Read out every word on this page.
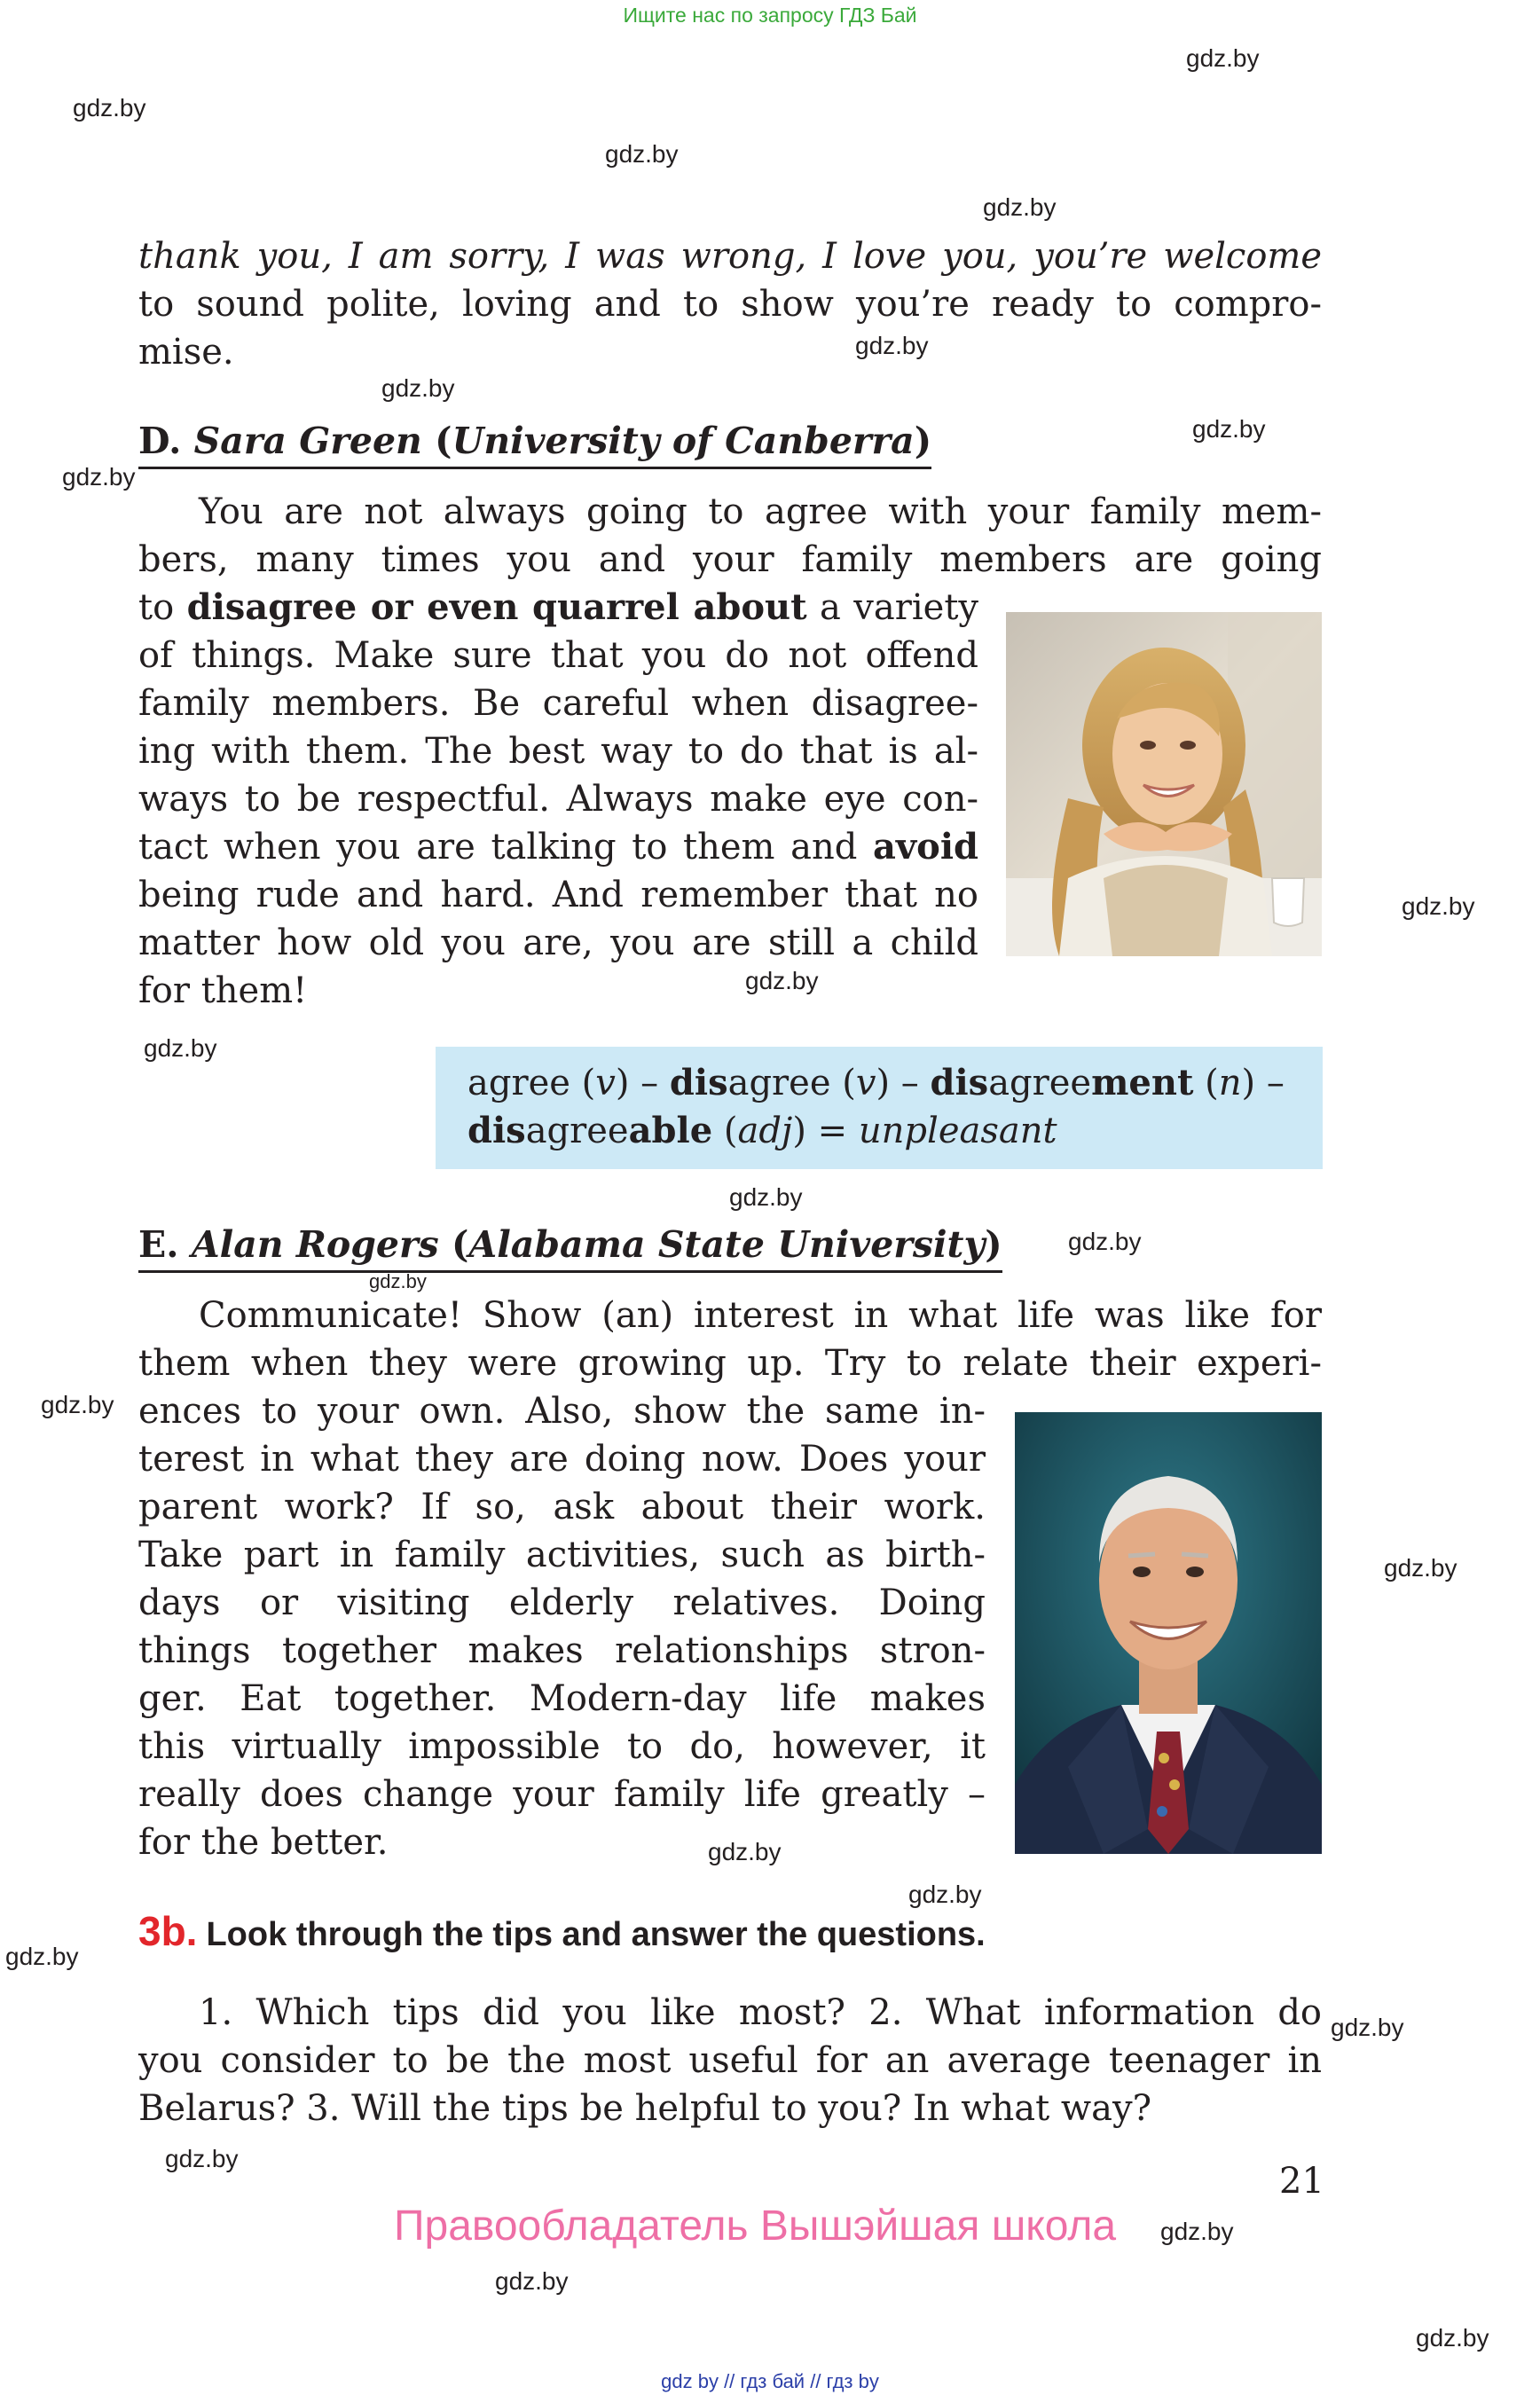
Ищите нас по запросу ГДЗ Бай
gdz.by
gdz.by
gdz.by
gdz.by
gdz.by
gdz.by
gdz.by
gdz.by
gdz.by
gdz.by
gdz.by
gdz.by
gdz.by
gdz.by
gdz.by
gdz.by
gdz.by
gdz.by
gdz.by
gdz.by
gdz.by
gdz.by
gdz.by
gdz.by
thank you, I am sorry, I was wrong, I love you, you’re welcome
to sound polite, loving and to show you’re ready to compro-
mise.
D. Sara Green (University of Canberra)
You are not always going to agree with your family mem-
bers, many times you and your family members are going
to disagree or even quarrel about a variety
of things. Make sure that you do not offend
family members. Be careful when disagree-
ing with them. The best way to do that is al-
ways to be respectful. Always make eye con-
tact when you are talking to them and avoid
being rude and hard. And remember that no
matter how old you are, you are still a child
for them!
agree (v) – disagree (v) – disagreement (n) –
disagreeable (adj) = unpleasant
E. Alan Rogers (Alabama State University)
Communicate! Show (an) interest in what life was like for
them when they were growing up. Try to relate their experi-
ences to your own. Also, show the same in-
terest in what they are doing now. Does your
parent work? If so, ask about their work.
Take part in family activities, such as birth-
days or visiting elderly relatives. Doing
things together makes relationships stron-
ger. Eat together. Modern-day life makes
this virtually impossible to do, however, it
really does change your family life greatly –
for the better.
3b. Look through the tips and answer the questions.
1. Which tips did you like most? 2. What information do
you consider to be the most useful for an average teenager in
Belarus? 3. Will the tips be helpful to you? In what way?
21
Правообладатель Вышэйшая школа
gdz by // гдз бай // гдз by
